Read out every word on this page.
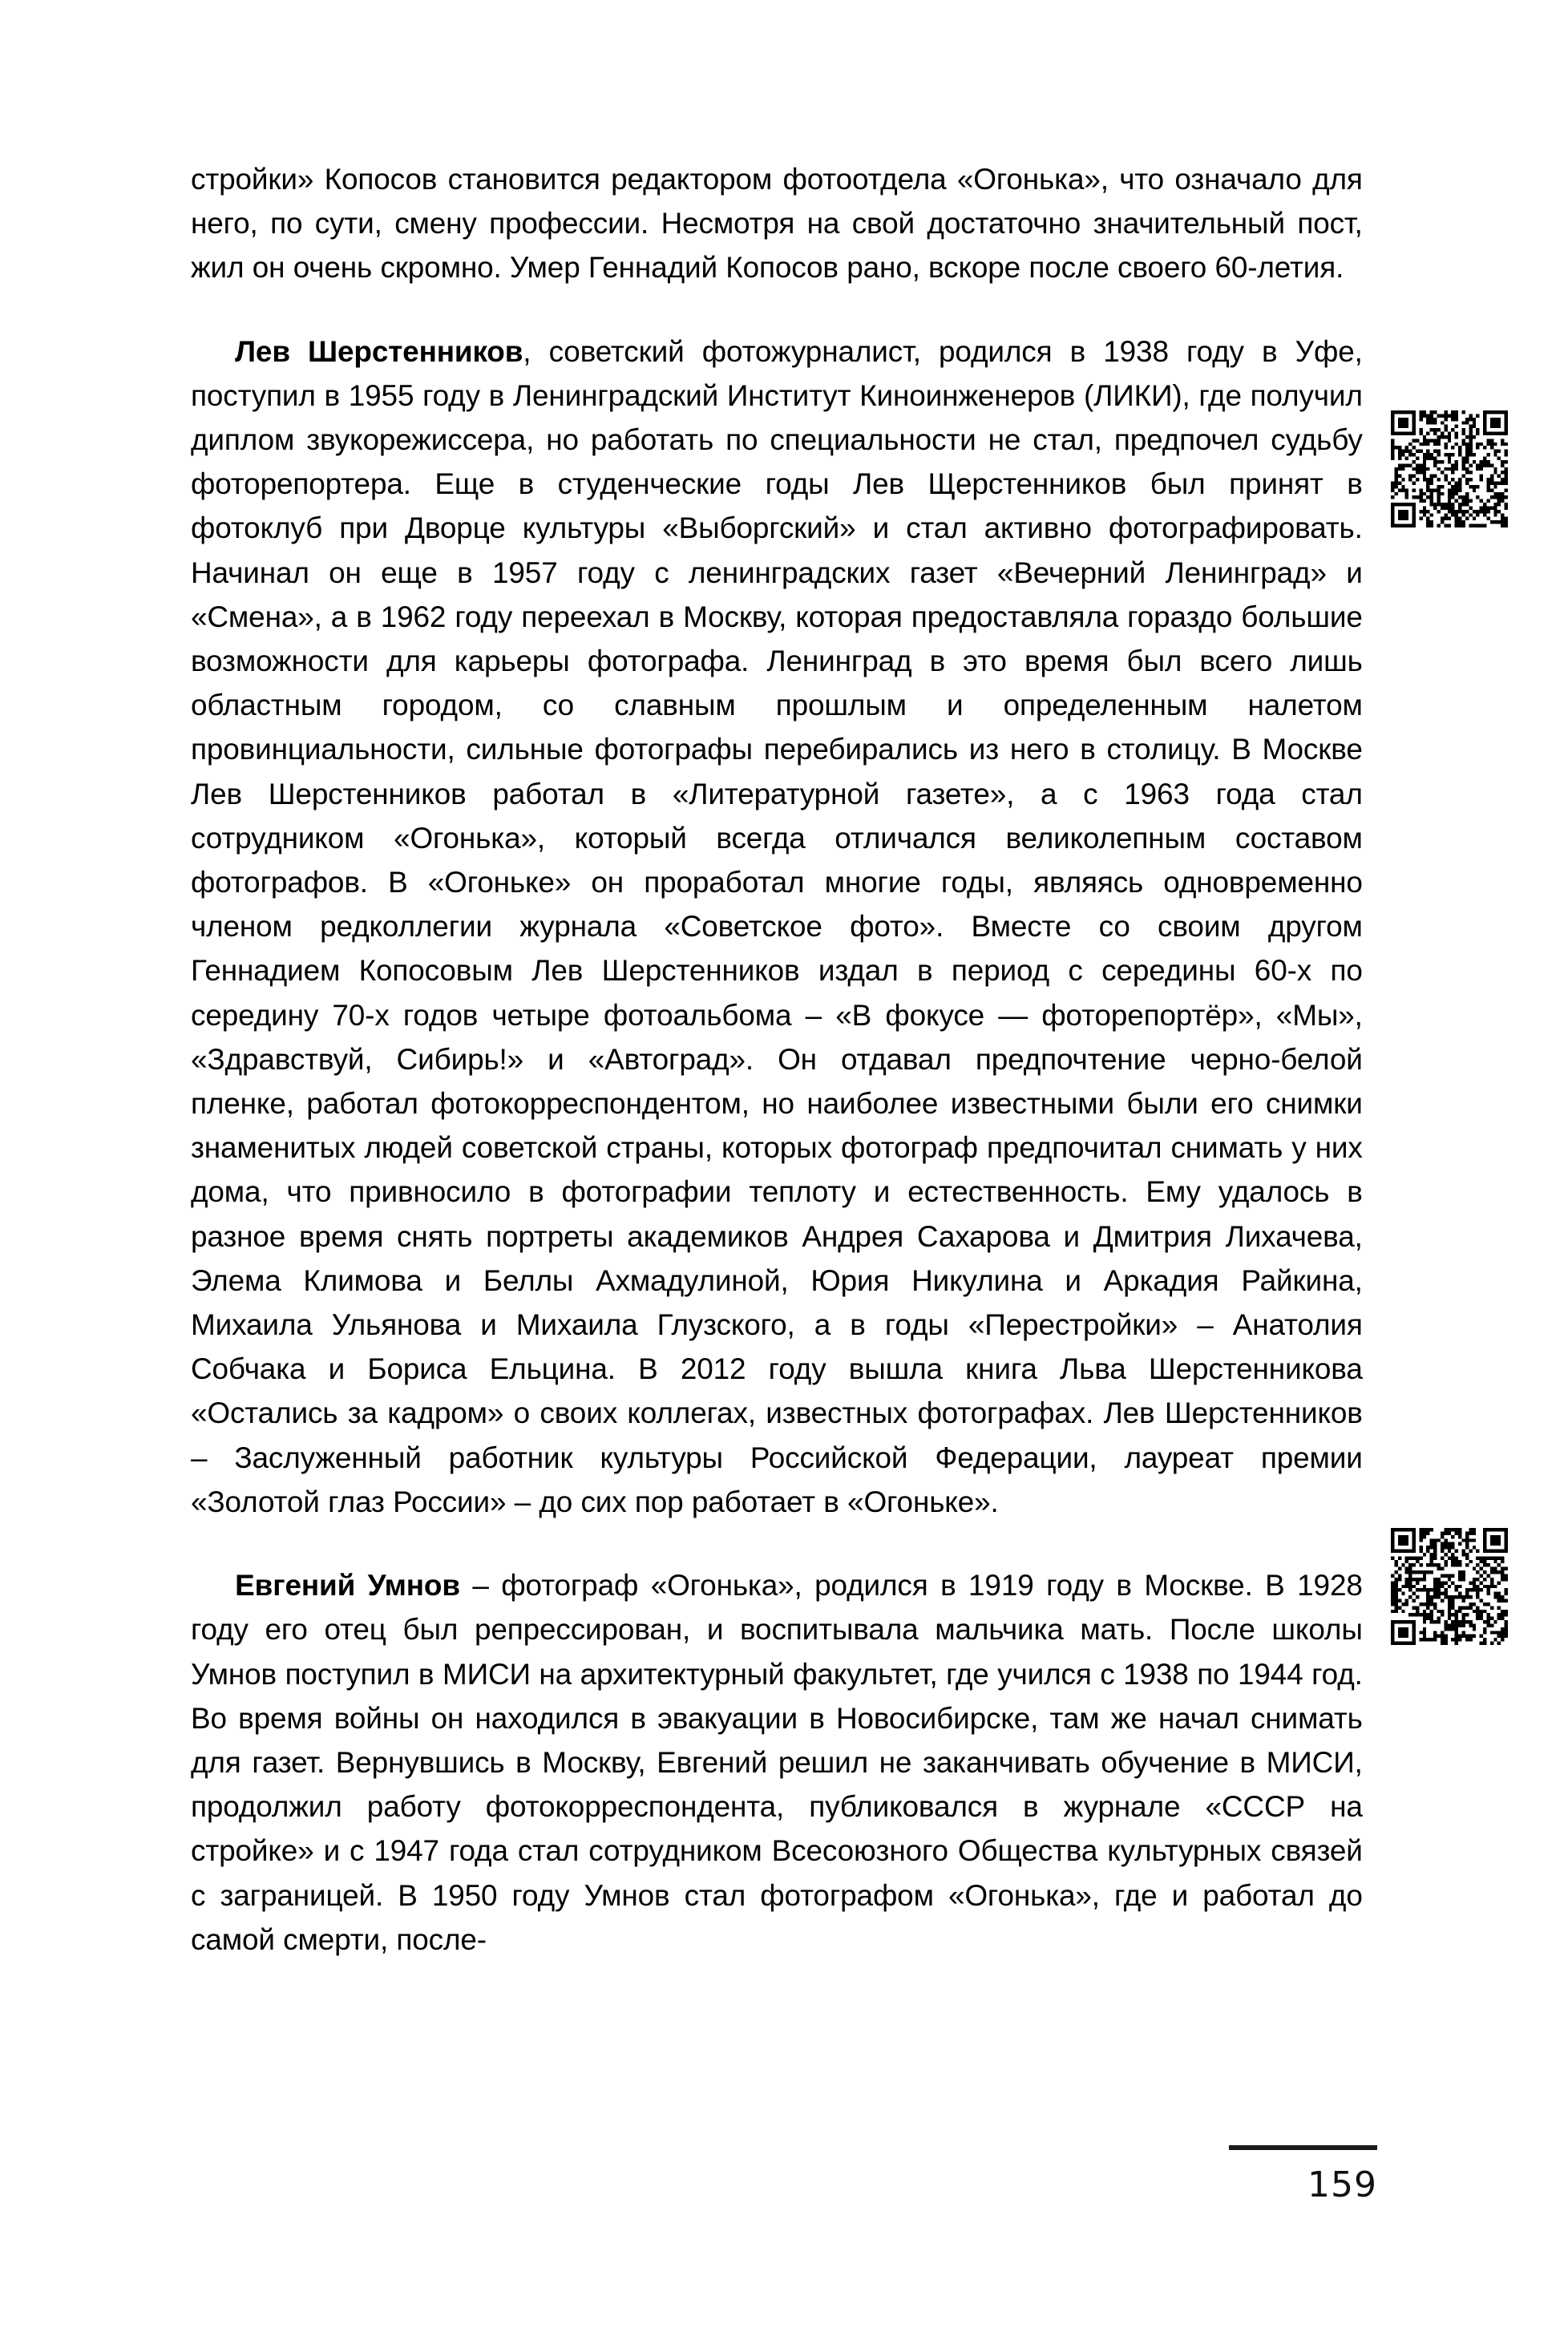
стройки» Копосов становится редактором фотоотдела «Огонька», что означало для него, по сути, смену профессии. Несмотря на свой достаточно значительный пост, жил он очень скромно. Умер Геннадий Копосов рано, вскоре после своего 60-летия.

Лев Шерстенников, советский фотожурналист, родился в 1938 году в Уфе, поступил в 1955 году в Ленинградский Институт Киноинженеров (ЛИКИ), где получил диплом звукорежиссера, но работать по специальности не стал, предпочел судьбу фоторепортера. Еще в студенческие годы Лев Щерстенников был принят в фотоклуб при Дворце культуры «Выборгский» и стал активно фотографировать. Начинал он еще в 1957 году с ленинградских газет «Вечерний Ленинград» и «Смена», а в 1962 году переехал в Москву, которая предоставляла гораздо большие возможности для карьеры фотографа. Ленинград в это время был всего лишь областным городом, со славным прошлым и определенным налетом провинциальности, сильные фотографы перебирались из него в столицу. В Москве Лев Шерстенников работал в «Литературной газете», а с 1963 года стал сотрудником «Огонька», который всегда отличался великолепным составом фотографов. В «Огоньке» он проработал многие годы, являясь одновременно членом редколлегии журнала «Советское фото». Вместе со своим другом Геннадием Копосовым Лев Шерстенников издал в период с середины 60-х по середину 70-х годов четыре фотоальбома – «В фокусе — фоторепортёр», «Мы», «Здравствуй, Сибирь!» и «Автоград». Он отдавал предпочтение черно-белой пленке, работал фотокорреспондентом, но наиболее известными были его снимки знаменитых людей советской страны, которых фотограф предпочитал снимать у них дома, что привносило в фотографии теплоту и естественность. Ему удалось в разное время снять портреты академиков Андрея Сахарова и Дмитрия Лихачева, Элема Климова и Беллы Ахмадулиной, Юрия Никулина и Аркадия Райкина, Михаила Ульянова и Михаила Глузского, а в годы «Перестройки» – Анатолия Собчака и Бориса Ельцина. В 2012 году вышла книга Льва Шерстенникова «Остались за кадром» о своих коллегах, известных фотографах. Лев Шерстенников – Заслуженный работник культуры Российской Федерации, лауреат премии «Золотой глаз России» – до сих пор работает в «Огоньке».

Евгений Умнов – фотограф «Огонька», родился в 1919 году в Москве. В 1928 году его отец был репрессирован, и воспитывала мальчика мать. После школы Умнов поступил в МИСИ на архитектурный факультет, где учился с 1938 по 1944 год. Во время войны он находился в эвакуации в Новосибирске, там же начал снимать для газет. Вернувшись в Москву, Евгений решил не заканчивать обучение в МИСИ, продолжил работу фотокорреспондента, публиковался в журнале «СССР на стройке» и с 1947 года стал сотрудником Всесоюзного Общества культурных связей с заграницей. В 1950 году Умнов стал фотографом «Огонька», где и работал до самой смерти, после-

159
